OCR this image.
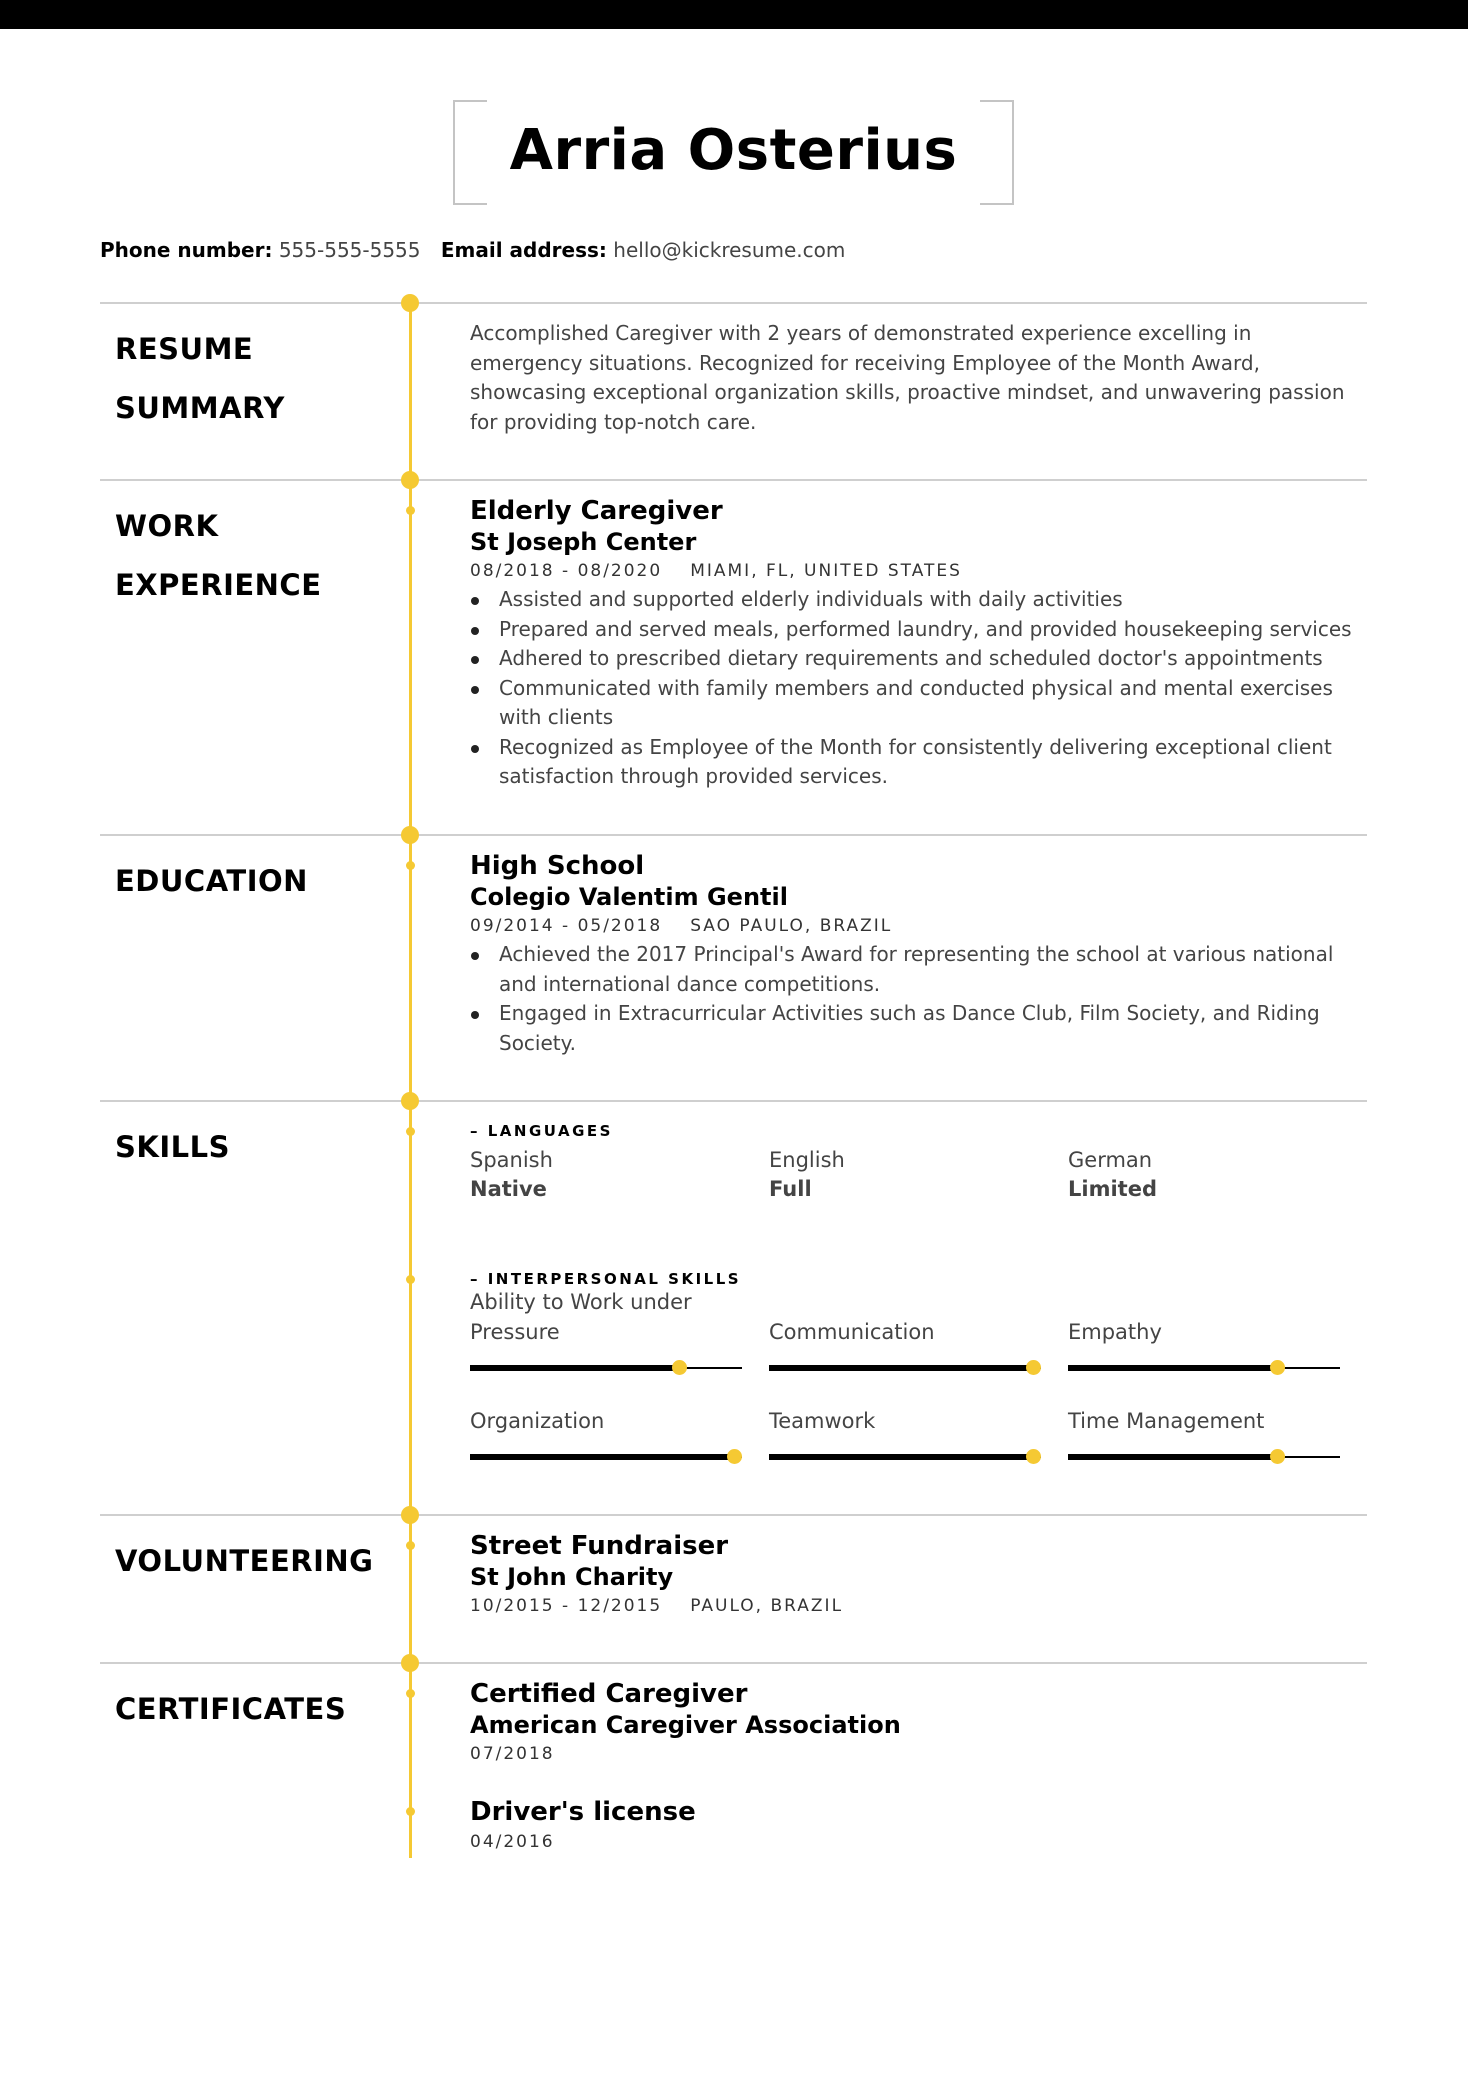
Arria Osterius
Phone number: 555-555-5555 Email address: hello@kickresume.com
RESUME
SUMMARY
Accomplished Caregiver with 2 years of demonstrated experience excelling in
emergency situations. Recognized for receiving Employee of the Month Award,
showcasing exceptional organization skills, proactive mindset, and unwavering passion
for providing top-notch care.
WORK
EXPERIENCE
Elderly Caregiver
St Joseph Center
08/2018 - 08/2020 MIAMI, FL, UNITED STATES
Assisted and supported elderly individuals with daily activities
Prepared and served meals, performed laundry, and provided housekeeping services
Adhered to prescribed dietary requirements and scheduled doctor's appointments
Communicated with family members and conducted physical and mental exercises with clients
Recognized as Employee of the Month for consistently delivering exceptional client satisfaction through provided services.
EDUCATION	High School
Colegio Valentim Gentil
09/2014 - 05/2018 SAO PAULO, BRAZIL
Achieved the 2017 Principal's Award for representing the school at various national and international dance competitions.
Engaged in Extracurricular Activities such as Dance Club, Film Society, and Riding Society.
SKILLS	– LANGUAGES
Spanish
Native
English
Full
German
Limited
– INTERPERSONAL SKILLS
Ability to Work under Pressure	Communication	Empathy
Organization	Teamwork	Time Management
VOLUNTEERING	Street Fundraiser
St John Charity
10/2015 - 12/2015 PAULO, BRAZIL
CERTIFICATES	Certified Caregiver
American Caregiver Association
07/2018
Driver's license
04/2016
